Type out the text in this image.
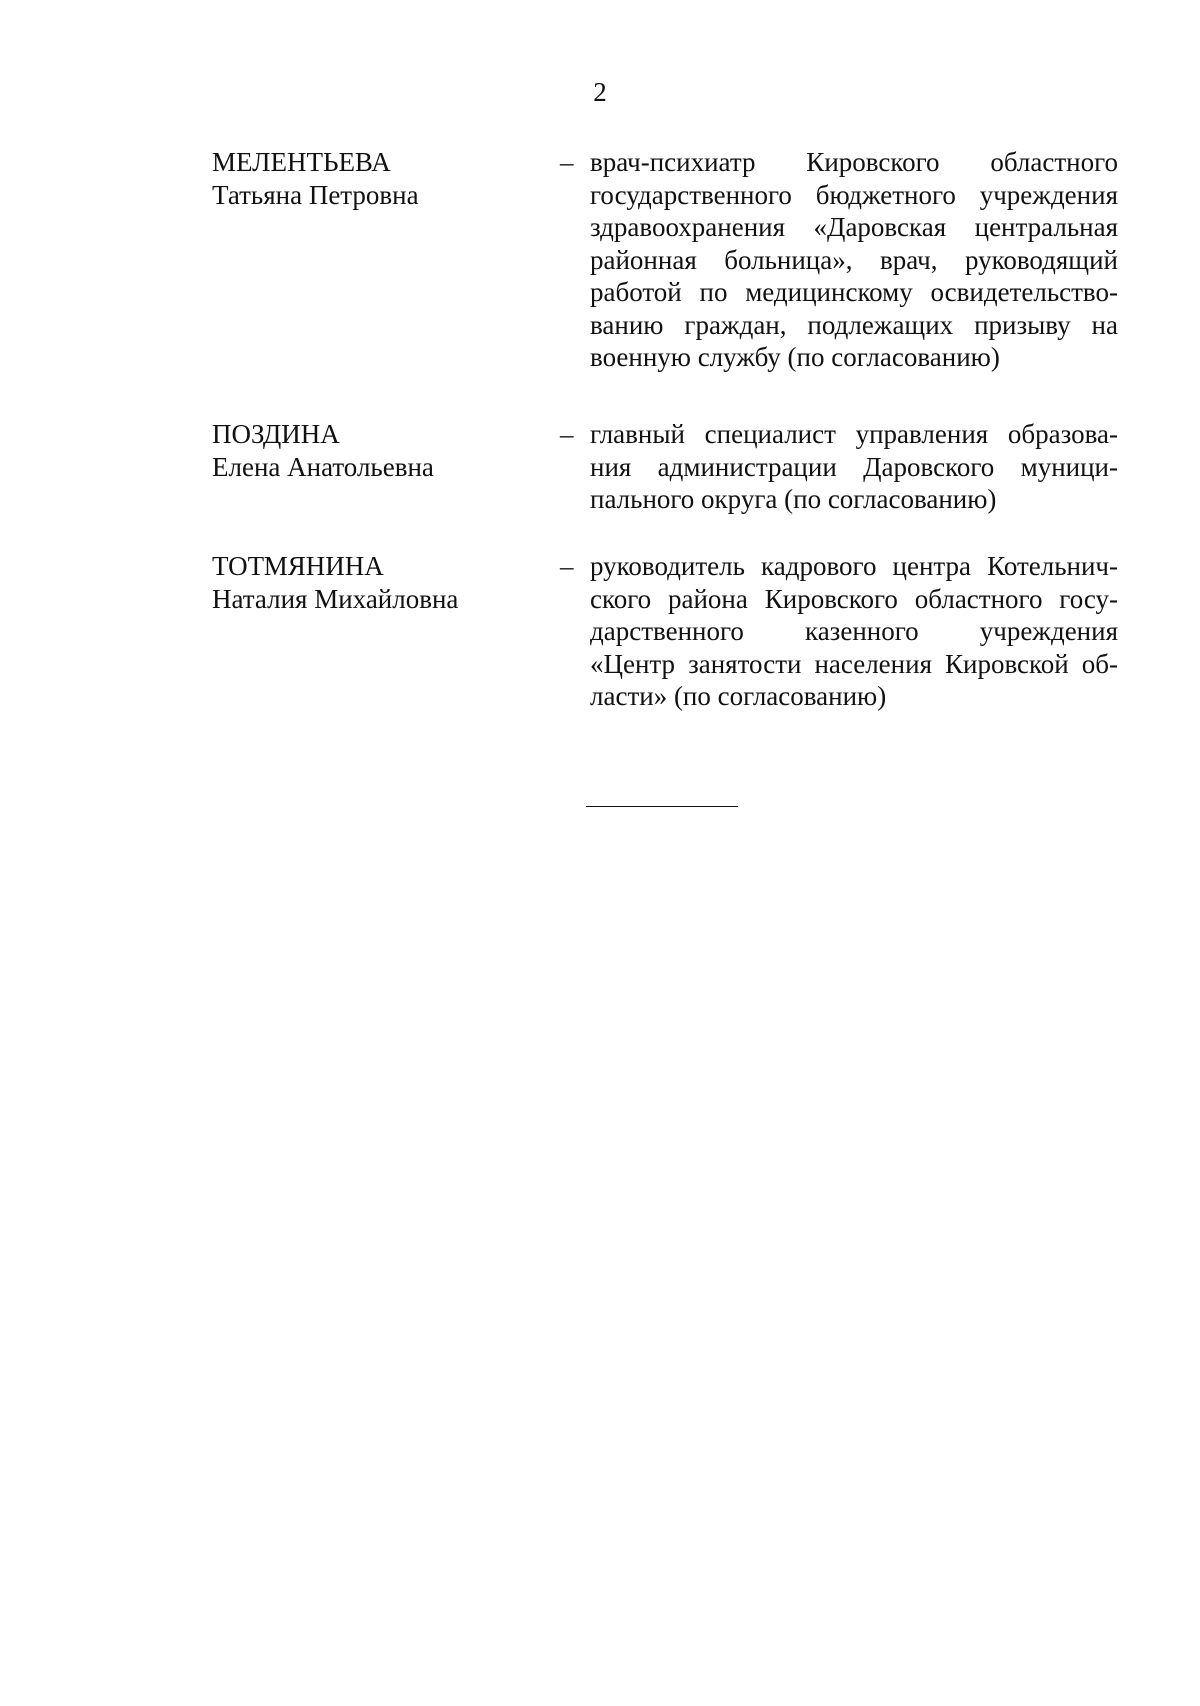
2
МЕЛЕНТЬЕВА
Татьяна Петровна
– врач-психиатр Кировского областного
государственного бюджетного учреждения
здравоохранения «Даровская центральная
районная больница», врач, руководящий
работой по медицинскому освидетельство-
ванию граждан, подлежащих призыву на
военную службу (по согласованию)
ПОЗДИНА
Елена Анатольевна
– главный специалист управления образова-
ния администрации Даровского муници-
пального округа (по согласованию)
ТОТМЯНИНА
Наталия Михайловна
– руководитель кадрового центра Котельнич-
ского района Кировского областного госу-
дарственного казенного учреждения
«Центр занятости населения Кировской об-
ласти» (по согласованию)
